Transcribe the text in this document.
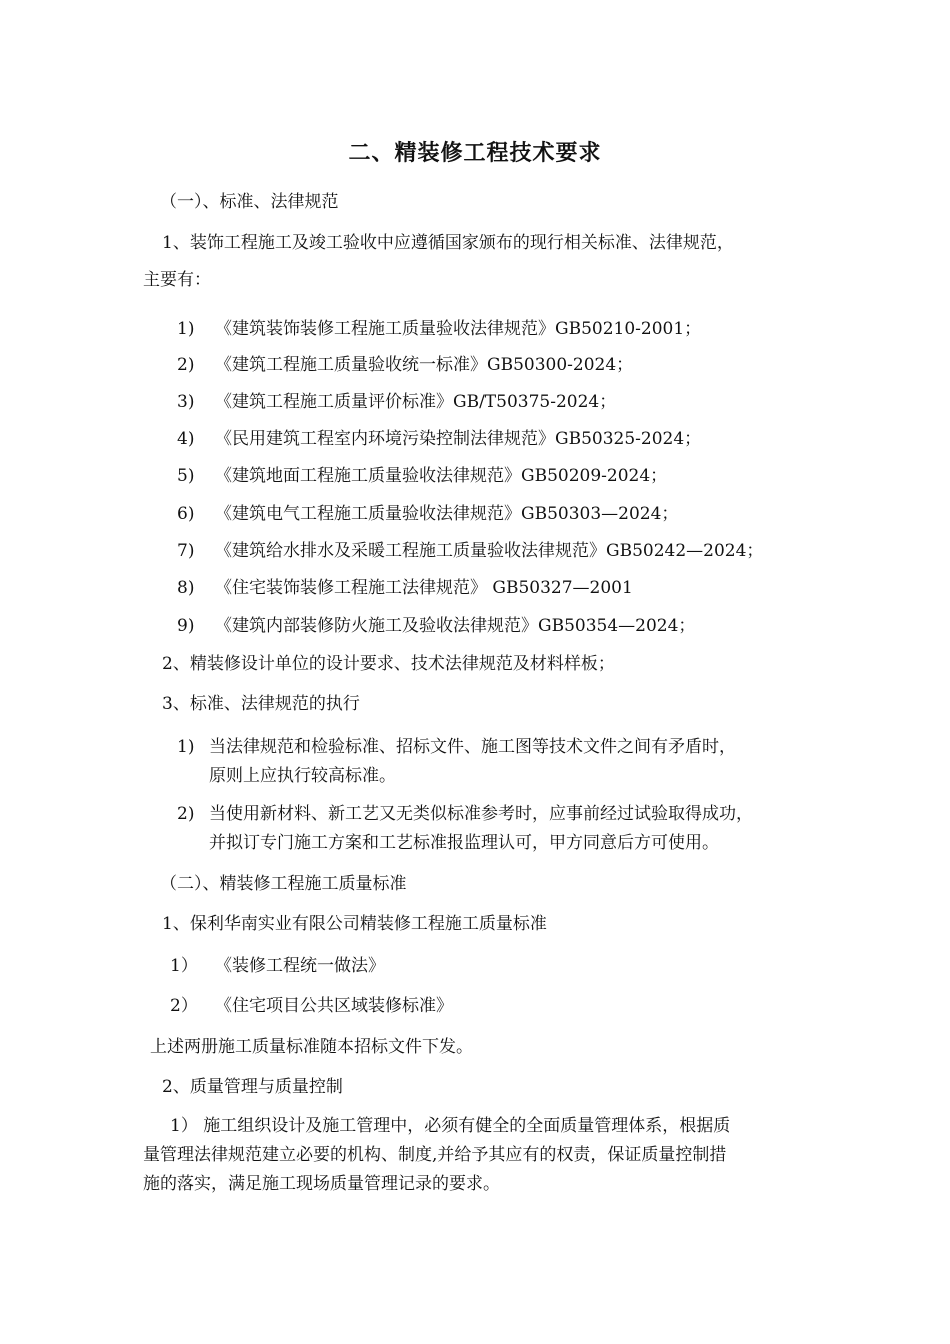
二、精装修工程技术要求
（一）、标准、法律规范
1、装饰工程施工及竣工验收中应遵循国家颁布的现行相关标准、法律规范，
主要有：
1) 《建筑装饰装修工程施工质量验收法律规范》GB50210-2001；
2) 《建筑工程施工质量验收统一标准》GB50300-2024；
3) 《建筑工程施工质量评价标准》GB/T50375-2024；
4) 《民用建筑工程室内环境污染控制法律规范》GB50325-2024；
5) 《建筑地面工程施工质量验收法律规范》GB50209-2024；
6) 《建筑电气工程施工质量验收法律规范》GB50303—2024；
7) 《建筑给水排水及采暖工程施工质量验收法律规范》GB50242—2024；
8) 《住宅装饰装修工程施工法律规范》 GB50327—2001
9) 《建筑内部装修防火施工及验收法律规范》GB50354—2024；
2、精装修设计单位的设计要求、技术法律规范及材料样板；
3、标准、法律规范的执行
1) 当法律规范和检验标准、招标文件、施工图等技术文件之间有矛盾时，
原则上应执行较高标准。
2) 当使用新材料、新工艺又无类似标准参考时，应事前经过试验取得成功，
并拟订专门施工方案和工艺标准报监理认可，甲方同意后方可使用。
（二）、精装修工程施工质量标准
1、保利华南实业有限公司精装修工程施工质量标准
1） 《装修工程统一做法》
2） 《住宅项目公共区域装修标准》
上述两册施工质量标准随本招标文件下发。
2、质量管理与质量控制
1） 施工组织设计及施工管理中，必须有健全的全面质量管理体系，根据质
量管理法律规范建立必要的机构、制度,并给予其应有的权责，保证质量控制措
施的落实，满足施工现场质量管理记录的要求。
